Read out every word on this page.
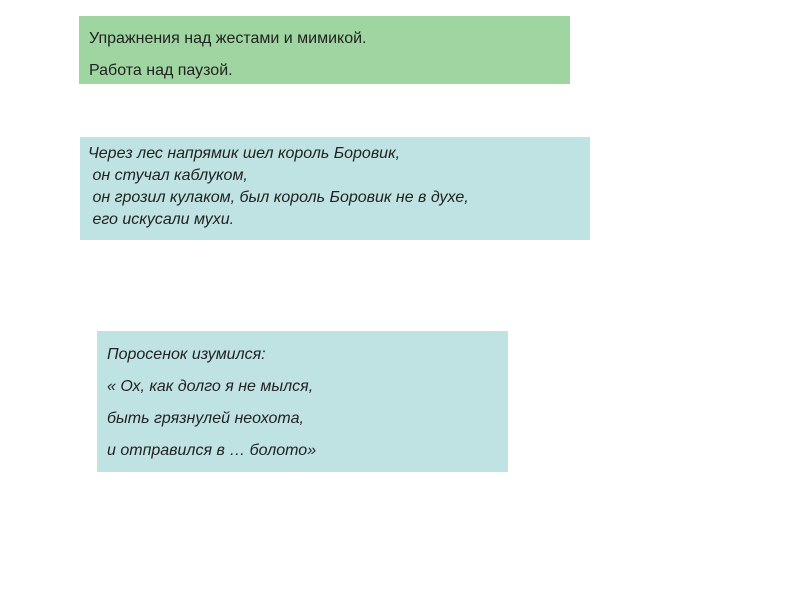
Упражнения над жестами и мимикой.

Работа над паузой.

Через лес напрямик шел король Боровик,

он стучал каблуком,

он грозил кулаком, был король Боровик не в духе,

его искусали мухи.

Поросенок изумился:

« Ох, как долго я не мылся,

быть грязнулей неохота,

и отправился в … болото»
